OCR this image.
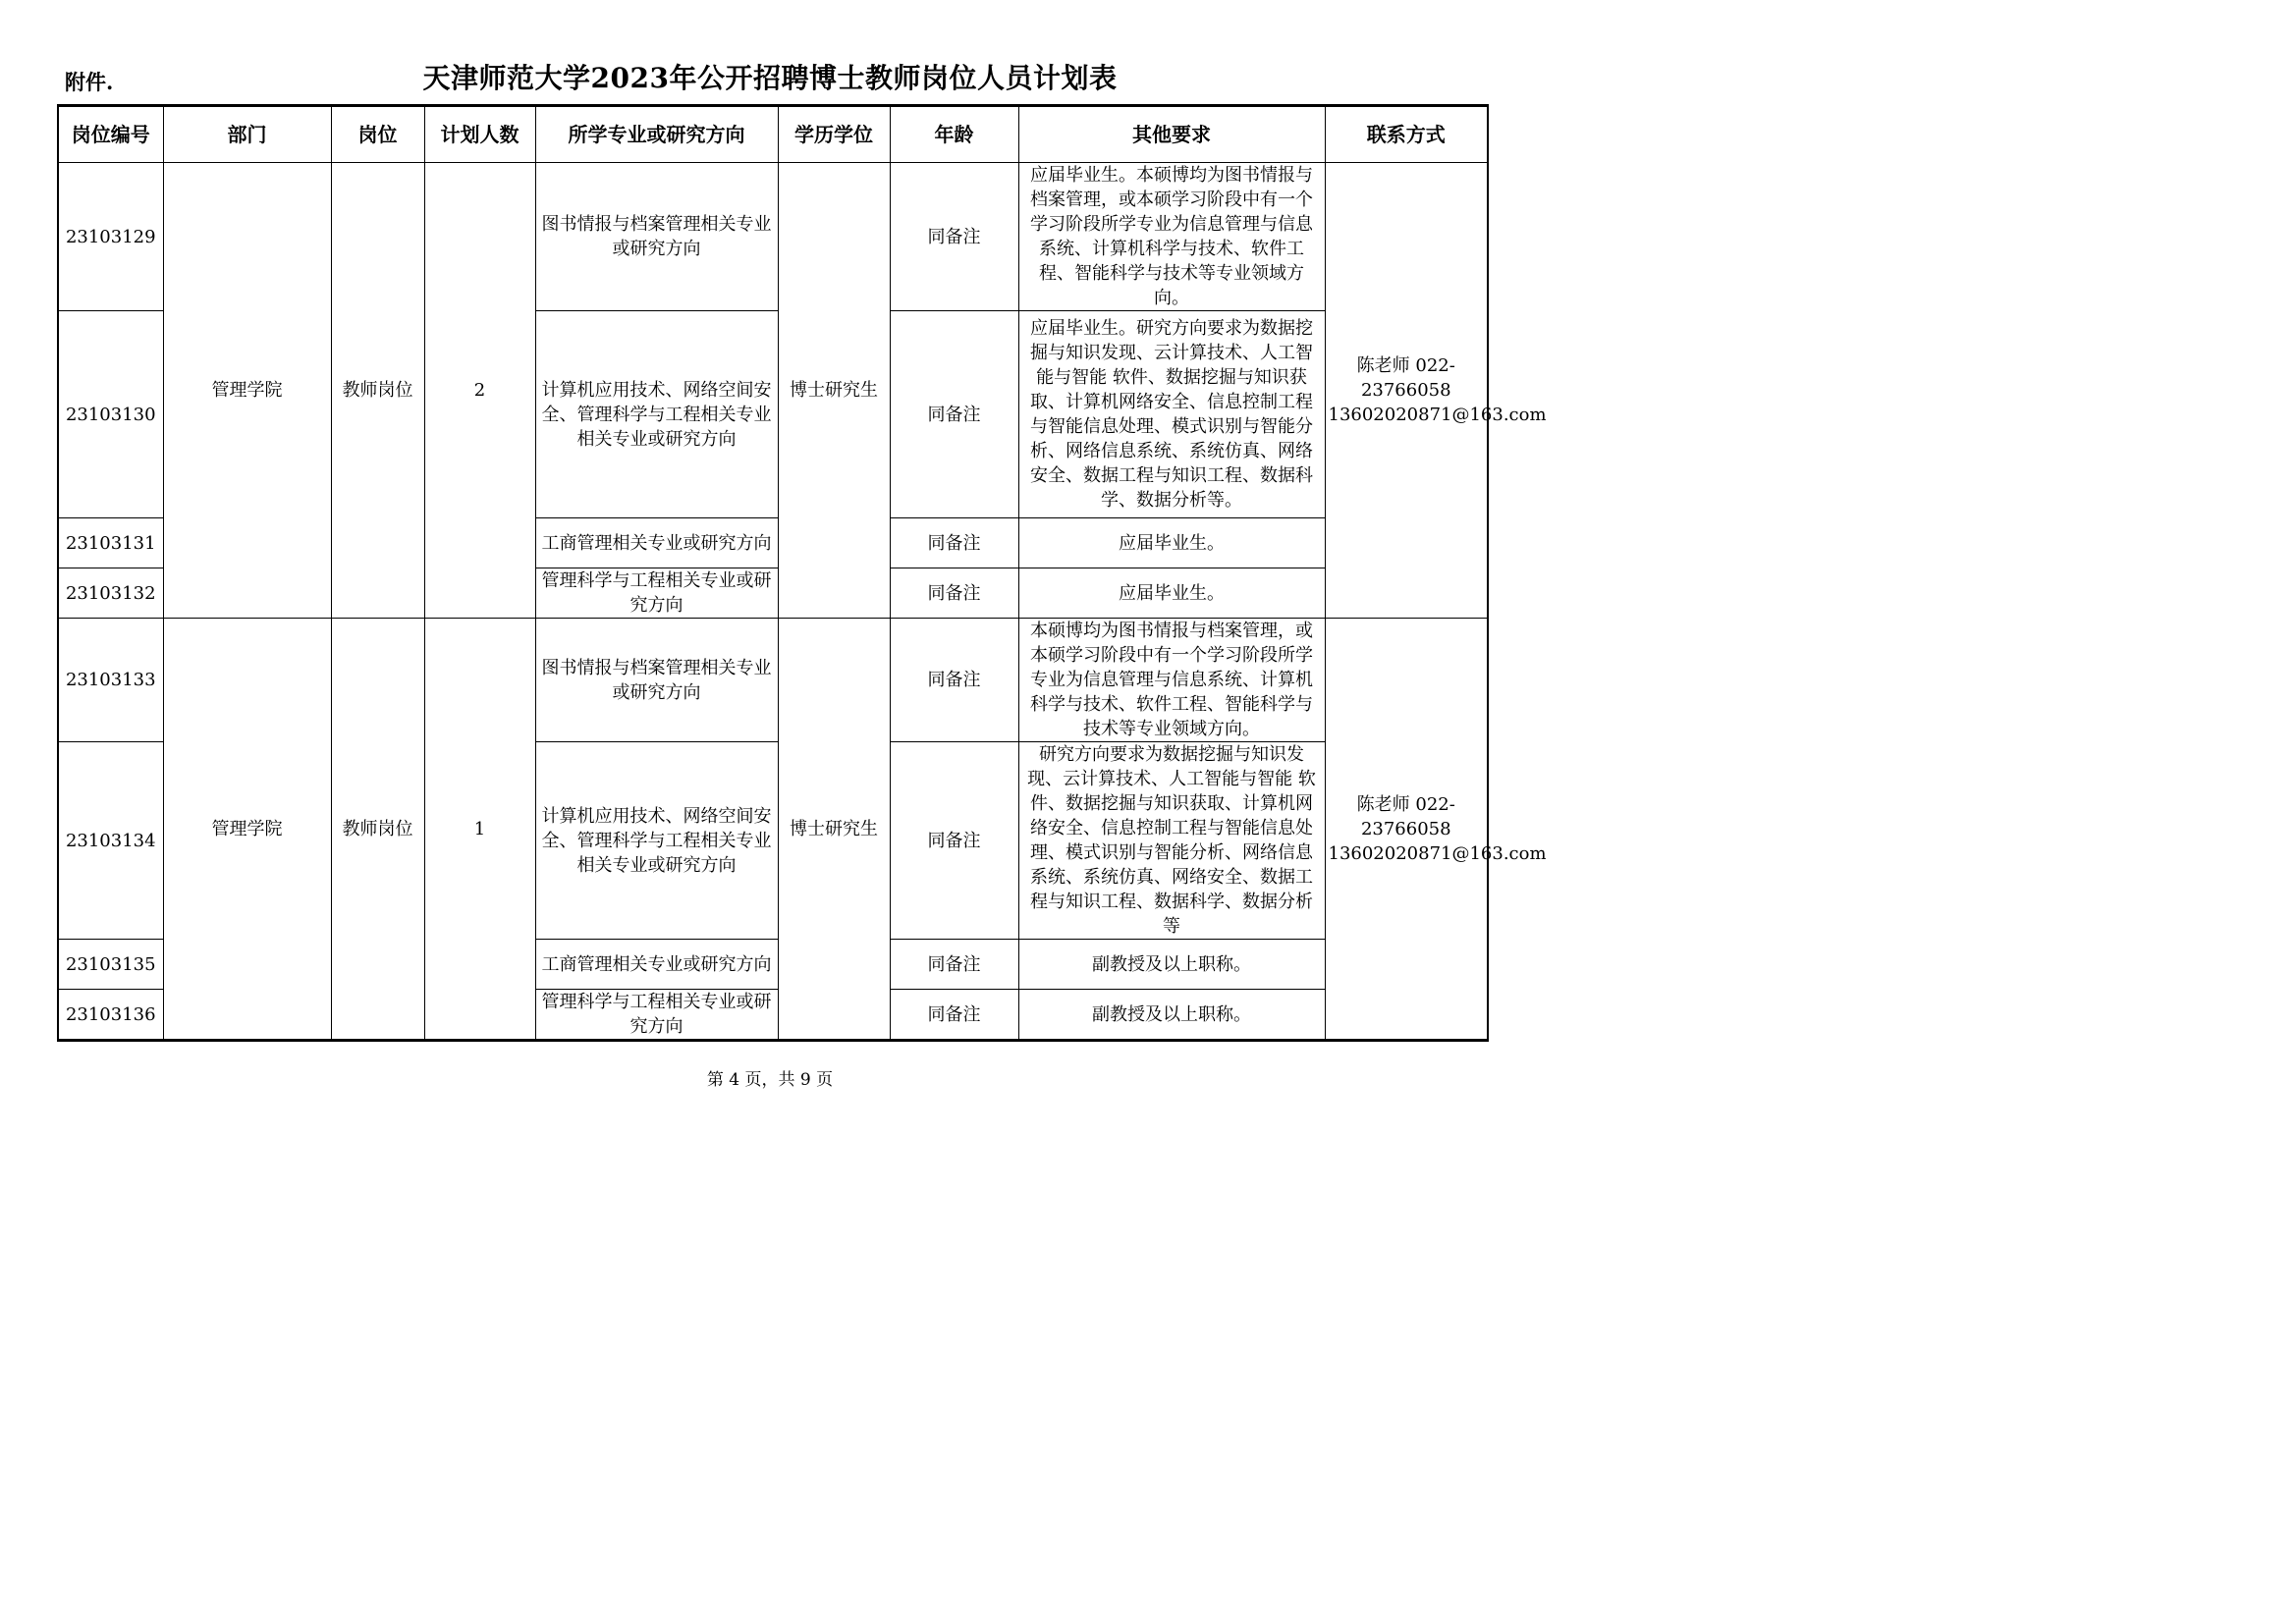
附件.	天津师范大学2023年公开招聘博士教师岗位人员计划表
岗位编号	部门	岗位	计划人数	所学专业或研究方向	学历学位	年龄	其他要求	联系方式
23103129	管理学院	教师岗位	2	图书情报与档案管理相关专业或研究方向	博士研究生	同备注	应届毕业生。本硕博均为图书情报与档案管理，或本硕学习阶段中有一个学习阶段所学专业为信息管理与信息系统、计算机科学与技术、软件工程、智能科学与技术等专业领域方向。	陈老师 022-23766058 13602020871@163.com
23103130				计算机应用技术、网络空间安全、管理科学与工程相关专业相关专业或研究方向		同备注	应届毕业生。研究方向要求为数据挖掘与知识发现、云计算技术、人工智能与智能 软件、数据挖掘与知识获取、计算机网络安全、信息控制工程与智能信息处理、模式识别与智能分析、网络信息系统、系统仿真、网络安全、数据工程与知识工程、数据科学、数据分析等。	
23103131				工商管理相关专业或研究方向		同备注	应届毕业生。	
23103132				管理科学与工程相关专业或研究方向		同备注	应届毕业生。	
23103133	管理学院	教师岗位	1	图书情报与档案管理相关专业或研究方向	博士研究生	同备注	本硕博均为图书情报与档案管理，或本硕学习阶段中有一个学习阶段所学专业为信息管理与信息系统、计算机科学与技术、软件工程、智能科学与技术等专业领域方向。	陈老师 022-23766058 13602020871@163.com
23103134				计算机应用技术、网络空间安全、管理科学与工程相关专业相关专业或研究方向		同备注	研究方向要求为数据挖掘与知识发现、云计算技术、人工智能与智能 软件、数据挖掘与知识获取、计算机网络安全、信息控制工程与智能信息处理、模式识别与智能分析、网络信息系统、系统仿真、网络安全、数据工程与知识工程、数据科学、数据分析等	
23103135				工商管理相关专业或研究方向		同备注	副教授及以上职称。	
23103136				管理科学与工程相关专业或研究方向		同备注	副教授及以上职称。	
第 4 页，共 9 页
